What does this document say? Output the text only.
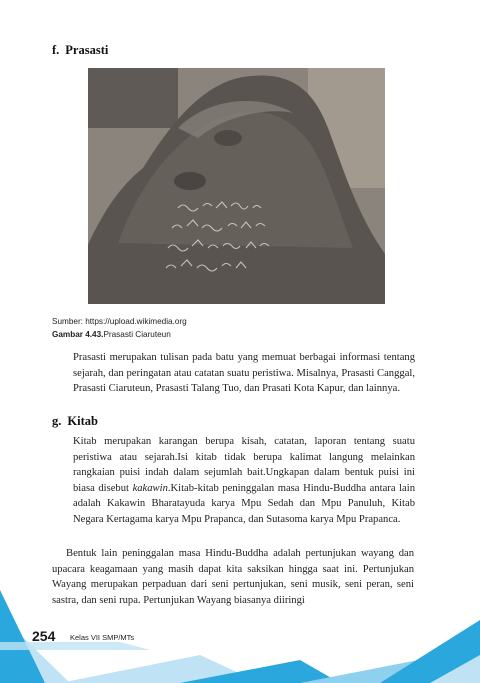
f. Prasasti
Sumber: https://upload.wikimedia.org
Gambar 4.43.Prasasti Ciaruteun

Prasasti merupakan tulisan pada batu yang memuat berbagai informasi tentang sejarah, dan peringatan atau catatan suatu peristiwa. Misalnya, Prasasti Canggal, Prasasti Ciaruteun, Prasasti Talang Tuo, dan Prasati Kota Kapur, dan lainnya.

g. Kitab

Kitab merupakan karangan berupa kisah, catatan, laporan tentang suatu peristiwa atau sejarah.Isi kitab tidak berupa kalimat langung melainkan rangkaian puisi indah dalam sejumlah bait.Ungkapan dalam bentuk puisi ini biasa disebut kakawin.Kitab-kitab peninggalan masa Hindu-Buddha antara lain adalah Kakawin Bharatayuda karya Mpu Sedah dan Mpu Panuluh, Kitab Negara Kertagama karya Mpu Prapanca, dan Sutasoma karya Mpu Prapanca.

Bentuk lain peninggalan masa Hindu-Buddha adalah pertunjukan wayang dan upacara keagamaan yang masih dapat kita saksikan hingga saat ini. Pertunjukan Wayang merupakan perpaduan dari seni pertunjukan, seni musik, seni peran, seni sastra, dan seni rupa. Pertunjukan Wayang biasanya diiringi

254 Kelas VII SMP/MTs
